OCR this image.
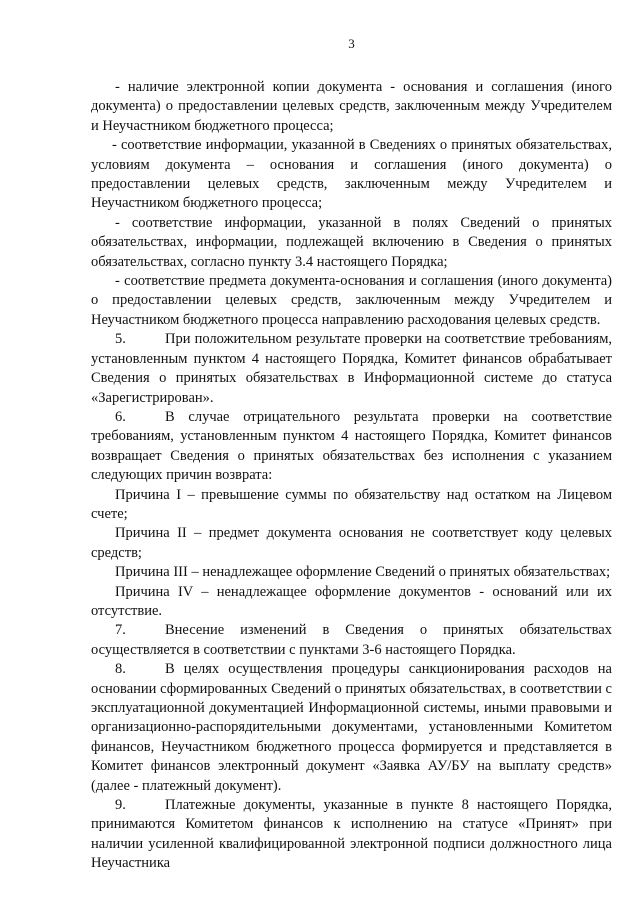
3

- наличие электронной копии документа - основания и соглашения (иного документа) о предоставлении целевых средств, заключенным между Учредителем и Неучастником бюджетного процесса;

- соответствие информации, указанной в Сведениях о принятых обязательствах, условиям документа – основания и соглашения (иного документа) о предоставлении целевых средств, заключенным между Учредителем и Неучастником бюджетного процесса;

- соответствие информации, указанной в полях Сведений о принятых обязательствах, информации, подлежащей включению в Сведения о принятых обязательствах, согласно пункту 3.4 настоящего Порядка;

- соответствие предмета документа-основания и соглашения (иного документа) о предоставлении целевых средств, заключенным между Учредителем и Неучастником бюджетного процесса направлению расходования целевых средств.

5.	При положительном результате проверки на соответствие требованиям, установленным пунктом 4 настоящего Порядка, Комитет финансов обрабатывает Сведения о принятых обязательствах в Информационной системе до статуса «Зарегистрирован».

6.	В случае отрицательного результата проверки на соответствие требованиям, установленным пунктом 4 настоящего Порядка, Комитет финансов возвращает Сведения о принятых обязательствах без исполнения с указанием следующих причин возврата:

Причина I – превышение суммы по обязательству над остатком на Лицевом счете;

Причина II – предмет документа основания не соответствует коду целевых средств;

Причина III – ненадлежащее оформление Сведений о принятых обязательствах;

Причина IV – ненадлежащее оформление документов - оснований или их отсутствие.

7.	Внесение изменений в Сведения о принятых обязательствах осуществляется в соответствии с пунктами 3-6 настоящего Порядка.

8.	В целях осуществления процедуры санкционирования расходов на основании сформированных Сведений о принятых обязательствах, в соответствии с эксплуатационной документацией Информационной системы, иными правовыми и организационно-распорядительными документами, установленными Комитетом финансов, Неучастником бюджетного процесса формируется и представляется в Комитет финансов электронный документ «Заявка АУ/БУ на выплату средств» (далее - платежный документ).

9.	Платежные документы, указанные в пункте 8 настоящего Порядка, принимаются Комитетом финансов к исполнению на статусе «Принят» при наличии усиленной квалифицированной электронной подписи должностного лица Неучастника
